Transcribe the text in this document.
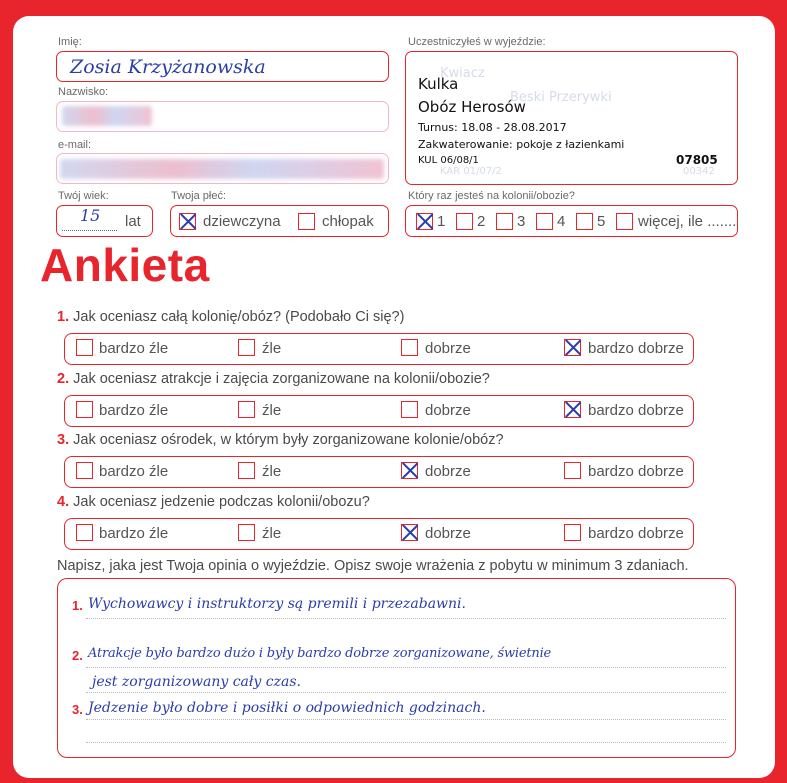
Imię:
Zosia Krzyżanowska
Nazwisko:
e-mail:
Twój wiek:
15 lat
Twoja płeć:
dziewczyna	chłopak
Uczestniczyłeś w wyjeździe:
Kwiacz
Beski Przerywki
KAR 01/07/2	00342
Kulka
Obóz Herosów
Turnus: 18.08 - 28.08.2017
Zakwaterowanie: pokoje z łazienkami
KUL 06/08/1	07805
Który raz jesteś na kolonii/obozie?
1 2 3 4 5 więcej, ile .......
Ankieta
1. Jak oceniasz całą kolonię/obóz? (Podobało Ci się?)
bardzo źle	źle	dobrze	bardzo dobrze
2. Jak oceniasz atrakcje i zajęcia zorganizowane na kolonii/obozie?
bardzo źle	źle	dobrze	bardzo dobrze
3. Jak oceniasz ośrodek, w którym były zorganizowane kolonie/obóz?
bardzo źle	źle	dobrze	bardzo dobrze
4. Jak oceniasz jedzenie podczas kolonii/obozu?
bardzo źle	źle	dobrze	bardzo dobrze
Napisz, jaka jest Twoja opinia o wyjeździe. Opisz swoje wrażenia z pobytu w minimum 3 zdaniach.
1.
2.
3.
Wychowawcy i instruktorzy są premili i przezabawni.
Atrakcje było bardzo dużo i były bardzo dobrze zorganizowane, świetnie
jest zorganizowany cały czas.
Jedzenie było dobre i posiłki o odpowiednich godzinach.
